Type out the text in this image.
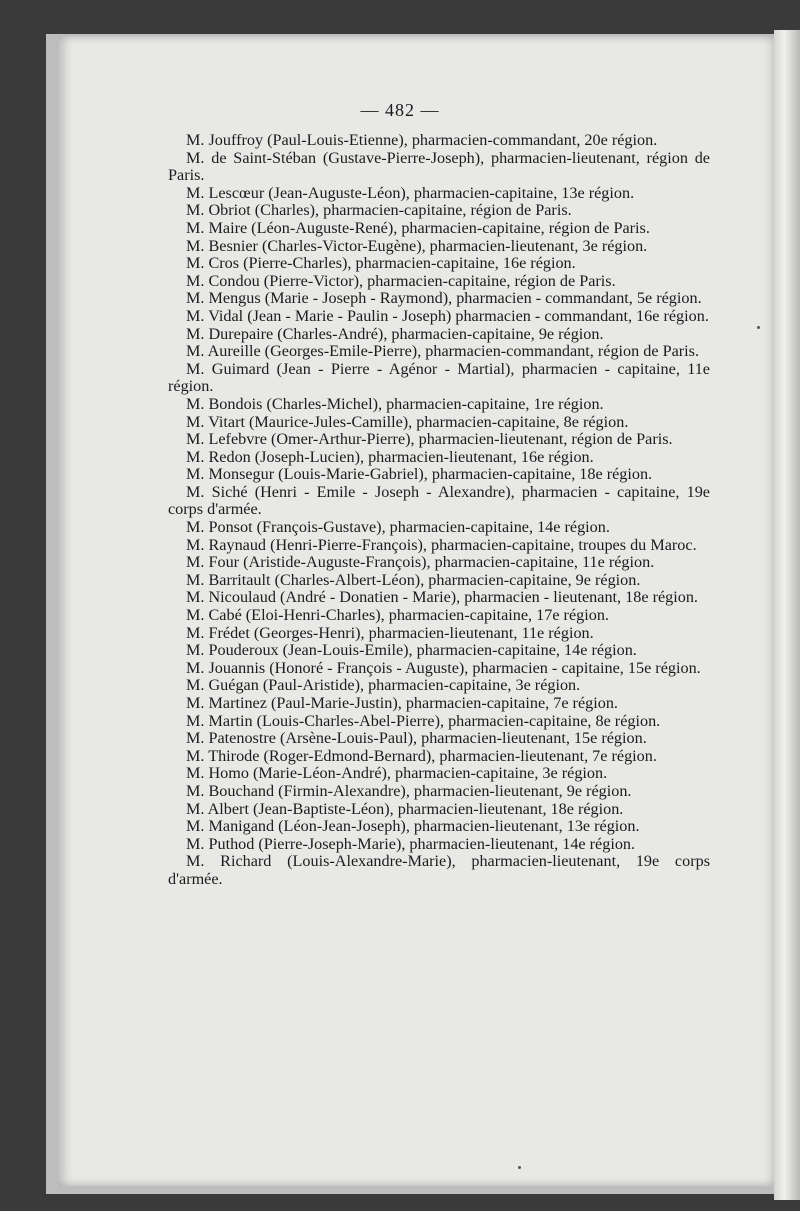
— 482 —

M. Jouffroy (Paul-Louis-Etienne), pharmacien-commandant, 20e région.

M. de Saint-Stéban (Gustave-Pierre-Joseph), pharmacien-lieutenant, région de Paris.

M. Lescœur (Jean-Auguste-Léon), pharmacien-capitaine, 13e région.

M. Obriot (Charles), pharmacien-capitaine, région de Paris.

M. Maire (Léon-Auguste-René), pharmacien-capitaine, région de Paris.

M. Besnier (Charles-Victor-Eugène), pharmacien-lieutenant, 3e région.

M. Cros (Pierre-Charles), pharmacien-capitaine, 16e région.

M. Condou (Pierre-Victor), pharmacien-capitaine, région de Paris.

M. Mengus (Marie - Joseph - Raymond), pharmacien - commandant, 5e région.

M. Vidal (Jean - Marie - Paulin - Joseph) pharmacien - commandant, 16e région.

M. Durepaire (Charles-André), pharmacien-capitaine, 9e région.

M. Aureille (Georges-Emile-Pierre), pharmacien-commandant, région de Paris.

M. Guimard (Jean - Pierre - Agénor - Martial), pharmacien - capitaine, 11e région.

M. Bondois (Charles-Michel), pharmacien-capitaine, 1re région.

M. Vitart (Maurice-Jules-Camille), pharmacien-capitaine, 8e région.

M. Lefebvre (Omer-Arthur-Pierre), pharmacien-lieutenant, région de Paris.

M. Redon (Joseph-Lucien), pharmacien-lieutenant, 16e région.

M. Monsegur (Louis-Marie-Gabriel), pharmacien-capitaine, 18e région.

M. Siché (Henri - Emile - Joseph - Alexandre), pharmacien - capitaine, 19e corps d'armée.

M. Ponsot (François-Gustave), pharmacien-capitaine, 14e région.

M. Raynaud (Henri-Pierre-François), pharmacien-capitaine, troupes du Maroc.

M. Four (Aristide-Auguste-François), pharmacien-capitaine, 11e région.

M. Barritault (Charles-Albert-Léon), pharmacien-capitaine, 9e région.

M. Nicoulaud (André - Donatien - Marie), pharmacien - lieutenant, 18e région.

M. Cabé (Eloi-Henri-Charles), pharmacien-capitaine, 17e région.

M. Frédet (Georges-Henri), pharmacien-lieutenant, 11e région.

M. Pouderoux (Jean-Louis-Emile), pharmacien-capitaine, 14e région.

M. Jouannis (Honoré - François - Auguste), pharmacien - capitaine, 15e région.

M. Guégan (Paul-Aristide), pharmacien-capitaine, 3e région.

M. Martinez (Paul-Marie-Justin), pharmacien-capitaine, 7e région.

M. Martin (Louis-Charles-Abel-Pierre), pharmacien-capitaine, 8e région.

M. Patenostre (Arsène-Louis-Paul), pharmacien-lieutenant, 15e région.

M. Thirode (Roger-Edmond-Bernard), pharmacien-lieutenant, 7e région.

M. Homo (Marie-Léon-André), pharmacien-capitaine, 3e région.

M. Bouchand (Firmin-Alexandre), pharmacien-lieutenant, 9e région.

M. Albert (Jean-Baptiste-Léon), pharmacien-lieutenant, 18e région.

M. Manigand (Léon-Jean-Joseph), pharmacien-lieutenant, 13e région.

M. Puthod (Pierre-Joseph-Marie), pharmacien-lieutenant, 14e région.

M. Richard (Louis-Alexandre-Marie), pharmacien-lieutenant, 19e corps d'armée.
